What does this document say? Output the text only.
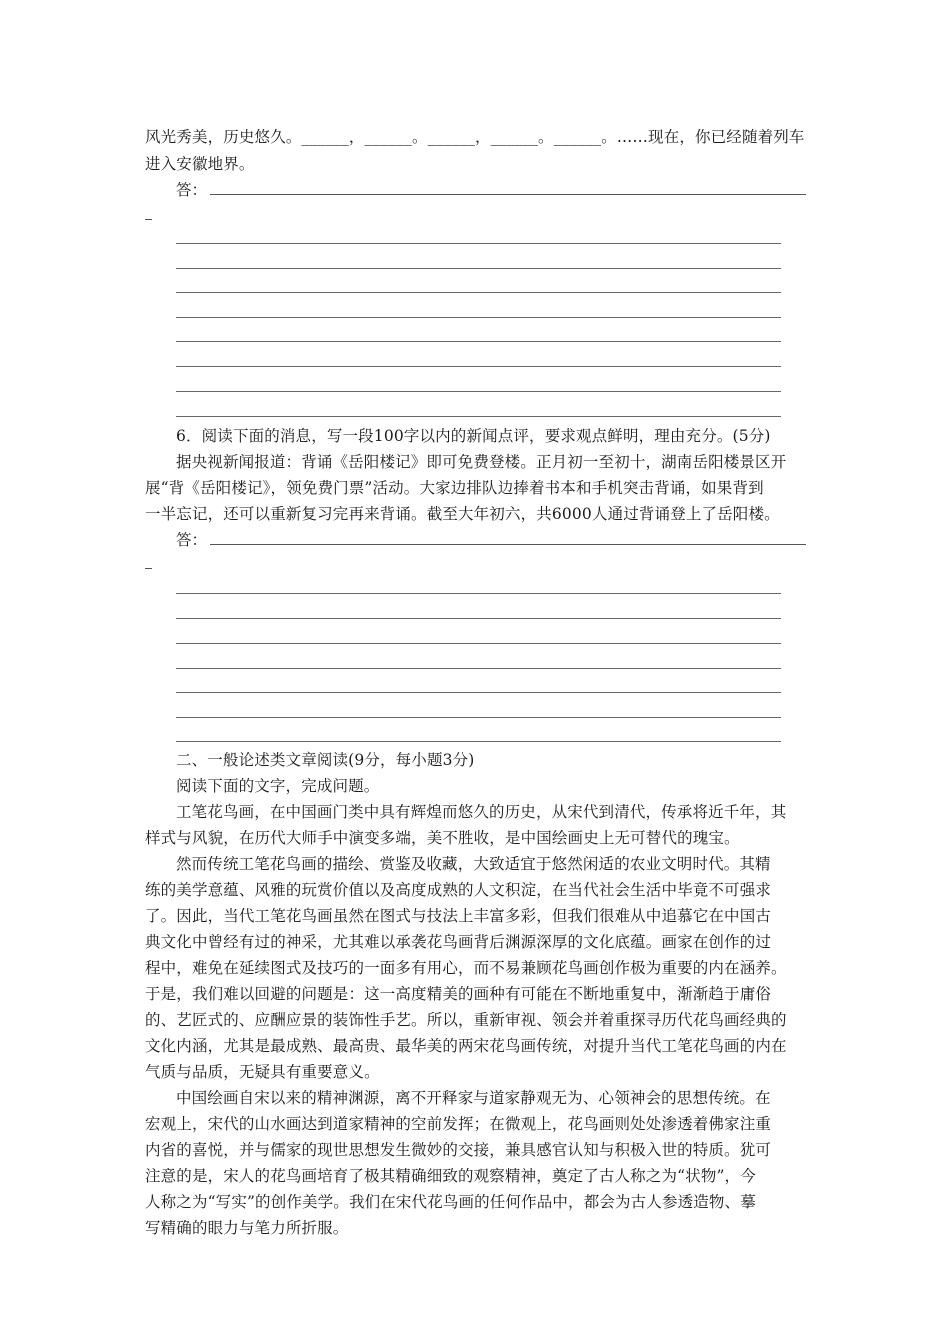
风光秀美，历史悠久。______，______。______，______。______。……现在，你已经随着列车
进入安徽地界。
答：
6．阅读下面的消息，写一段100字以内的新闻点评，要求观点鲜明，理由充分。(5分)
据央视新闻报道：背诵《岳阳楼记》即可免费登楼。正月初一至初十，湖南岳阳楼景区开
展“背《岳阳楼记》，领免费门票”活动。大家边排队边捧着书本和手机突击背诵，如果背到
一半忘记，还可以重新复习完再来背诵。截至大年初六，共6000人通过背诵登上了岳阳楼。
答：
二、一般论述类文章阅读(9分，每小题3分)
阅读下面的文字，完成问题。
工笔花鸟画，在中国画门类中具有辉煌而悠久的历史，从宋代到清代，传承将近千年，其
样式与风貌，在历代大师手中演变多端，美不胜收，是中国绘画史上无可替代的瑰宝。
然而传统工笔花鸟画的描绘、赏鉴及收藏，大致适宜于悠然闲适的农业文明时代。其精
练的美学意蕴、风雅的玩赏价值以及高度成熟的人文积淀，在当代社会生活中毕竟不可强求
了。因此，当代工笔花鸟画虽然在图式与技法上丰富多彩，但我们很难从中追慕它在中国古
典文化中曾经有过的神采，尤其难以承袭花鸟画背后渊源深厚的文化底蕴。画家在创作的过
程中，难免在延续图式及技巧的一面多有用心，而不易兼顾花鸟画创作极为重要的内在涵养。
于是，我们难以回避的问题是：这一高度精美的画种有可能在不断地重复中，渐渐趋于庸俗
的、艺匠式的、应酬应景的装饰性手艺。所以，重新审视、领会并着重探寻历代花鸟画经典的
文化内涵，尤其是最成熟、最高贵、最华美的两宋花鸟画传统，对提升当代工笔花鸟画的内在
气质与品质，无疑具有重要意义。
中国绘画自宋以来的精神渊源，离不开释家与道家静观无为、心领神会的思想传统。在
宏观上，宋代的山水画达到道家精神的空前发挥；在微观上，花鸟画则处处渗透着佛家注重
内省的喜悦，并与儒家的现世思想发生微妙的交接，兼具感官认知与积极入世的特质。犹可
注意的是，宋人的花鸟画培育了极其精确细致的观察精神，奠定了古人称之为“状物”，今
人称之为“写实”的创作美学。我们在宋代花鸟画的任何作品中，都会为古人参透造物、摹
写精确的眼力与笔力所折服。
